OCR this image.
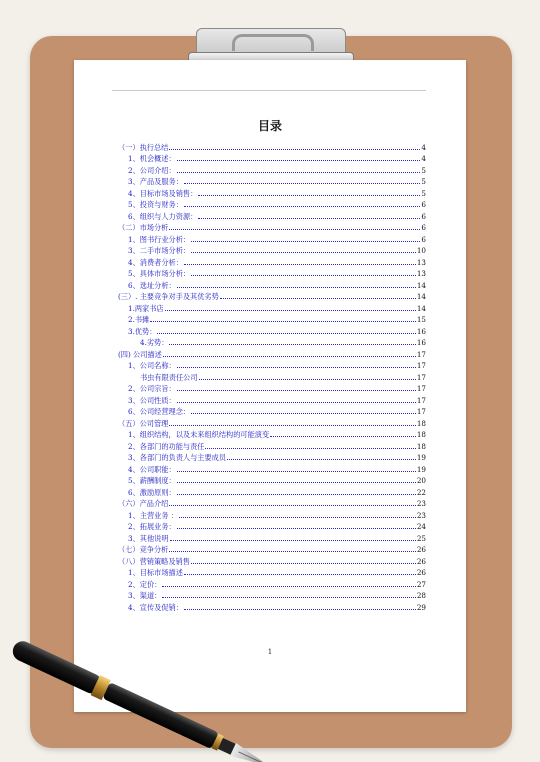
目录
（一）执行总结	4
1、机会概述：	4
2、公司介绍：	5
3、产品及服务：	5
4、目标市场及销售：	5
5、投资与财务：	6
6、组织与人力资源：	6
（二）市场分析	6
1、图书行业分析：	6
3、二手市场分析：	10
4、消费者分析：	13
5、具体市场分析：	13
6、选址分析：	14
(三）. 主要竞争对手及其优劣势	14
1.两家书店	14
2.书摊	15
3.优势：	16
4.劣势：	16
(四) 公司描述	17
1、公司名称：	17
书虫有限责任公司	17
2、公司宗旨：	17
3、公司性质：	17
6、公司经营理念：	17
（五）公司管理	18
1、组织结构，以及未来组织结构的可能演变	18
2、各部门的功能与责任	18
3、各部门的负责人与主要成员	19
4、公司职能：	19
5、薪酬制度：	20
6、激励原则：	22
（六）产品介绍	23
1、主营业务 ：	23
2、拓展业务：	24
3、其他说明	25
（七）竞争分析	26
（八）营销策略及销售	26
1、目标市场描述	26
2、定价：	27
3、渠道：	28
4、宣传及促销：	29
1
